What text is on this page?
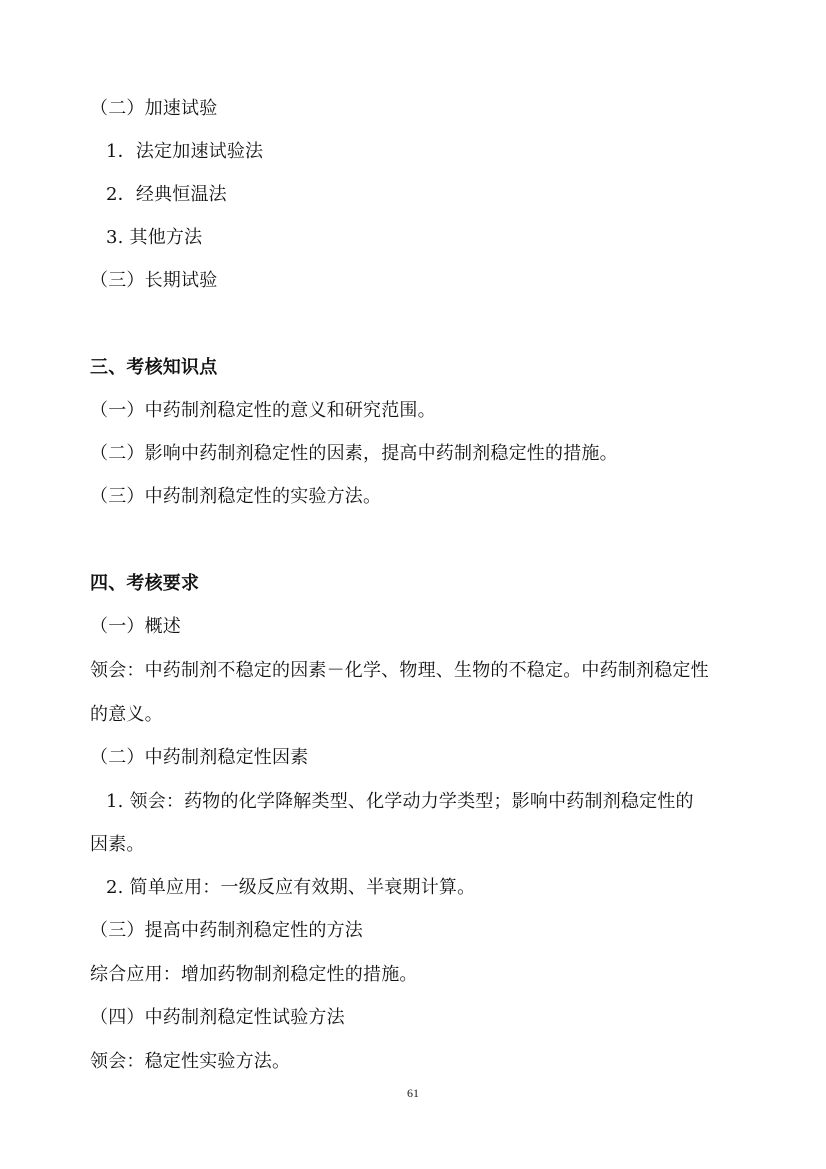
（二）加速试验
1．法定加速试验法
2．经典恒温法
3. 其他方法
（三）长期试验
三、考核知识点
（一）中药制剂稳定性的意义和研究范围。
（二）影响中药制剂稳定性的因素，提高中药制剂稳定性的措施。
（三）中药制剂稳定性的实验方法。
四、考核要求
（一）概述
领会：中药制剂不稳定的因素－化学、物理、生物的不稳定。中药制剂稳定性
的意义。
（二）中药制剂稳定性因素
1. 领会：药物的化学降解类型、化学动力学类型；影响中药制剂稳定性的
因素。
2. 简单应用：一级反应有效期、半衰期计算。
（三）提高中药制剂稳定性的方法
综合应用：增加药物制剂稳定性的措施。
（四）中药制剂稳定性试验方法
领会：稳定性实验方法。
61
